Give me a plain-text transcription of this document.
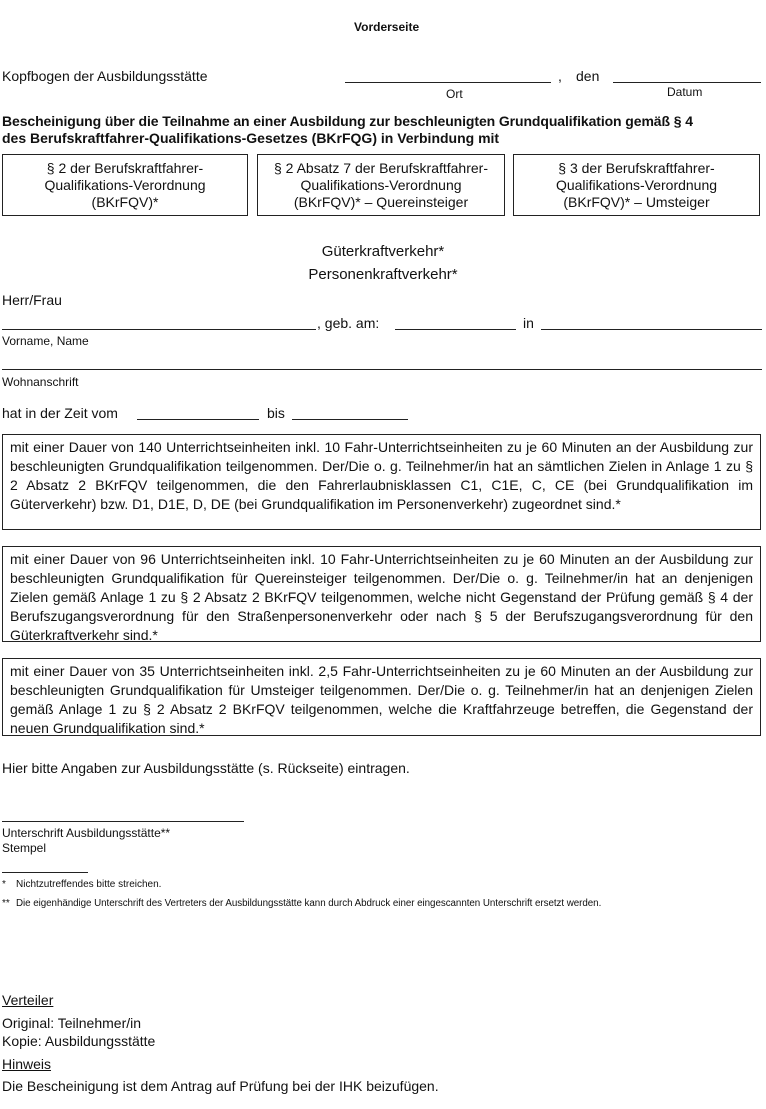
Vorderseite
Kopfbogen der Ausbildungsstätte	, den
Ort	Datum
Bescheinigung über die Teilnahme an einer Ausbildung zur beschleunigten Grundqualifikation gemäß § 4
des Berufskraftfahrer-Qualifikations-Gesetzes (BKrFQG) in Verbindung mit
§ 2 der Berufskraftfahrer-
Qualifikations-Verordnung
(BKrFQV)*
§ 2 Absatz 7 der Berufskraftfahrer-
Qualifikations-Verordnung
(BKrFQV)* – Quereinsteiger
§ 3 der Berufskraftfahrer-
Qualifikations-Verordnung
(BKrFQV)* – Umsteiger
Güterkraftverkehr*
Personenkraftverkehr*
Herr/Frau
, geb. am:	in
Vorname, Name
Wohnanschrift
hat in der Zeit vom	bis
mit einer Dauer von 140 Unterrichtseinheiten inkl. 10 Fahr-Unterrichtseinheiten zu je 60 Minuten an der Ausbildung zur beschleunigten Grundqualifikation teilgenommen. Der/Die o. g. Teilnehmer/in hat an sämtlichen Zielen in Anlage 1 zu § 2 Absatz 2 BKrFQV teilgenommen, die den Fahrerlaubnisklassen C1, C1E, C, CE (bei Grundqualifikation im Güterverkehr) bzw. D1, D1E, D, DE (bei Grundqualifikation im Personenverkehr) zugeordnet sind.*
mit einer Dauer von 96 Unterrichtseinheiten inkl. 10 Fahr-Unterrichtseinheiten zu je 60 Minuten an der Ausbildung zur beschleunigten Grundqualifikation für Quereinsteiger teilgenommen. Der/Die o. g. Teilnehmer/in hat an denjenigen Zielen gemäß Anlage 1 zu § 2 Absatz 2 BKrFQV teilgenommen, welche nicht Gegenstand der Prüfung gemäß § 4 der Berufszugangsverordnung für den Straßenpersonenverkehr oder nach § 5 der Berufszugangsverordnung für den Güterkraftverkehr sind.*
mit einer Dauer von 35 Unterrichtseinheiten inkl. 2,5 Fahr-Unterrichtseinheiten zu je 60 Minuten an der Ausbildung zur beschleunigten Grundqualifikation für Umsteiger teilgenommen. Der/Die o. g. Teilnehmer/in hat an denjenigen Zielen gemäß Anlage 1 zu § 2 Absatz 2 BKrFQV teilgenommen, welche die Kraftfahrzeuge betreffen, die Gegenstand der neuen Grundqualifikation sind.*
Hier bitte Angaben zur Ausbildungsstätte (s. Rückseite) eintragen.
Unterschrift Ausbildungsstätte**
Stempel
* Nichtzutreffendes bitte streichen.
** Die eigenhändige Unterschrift des Vertreters der Ausbildungsstätte kann durch Abdruck einer eingescannten Unterschrift ersetzt werden.
Verteiler
Original: Teilnehmer/in
Kopie: Ausbildungsstätte
Hinweis
Die Bescheinigung ist dem Antrag auf Prüfung bei der IHK beizufügen.
